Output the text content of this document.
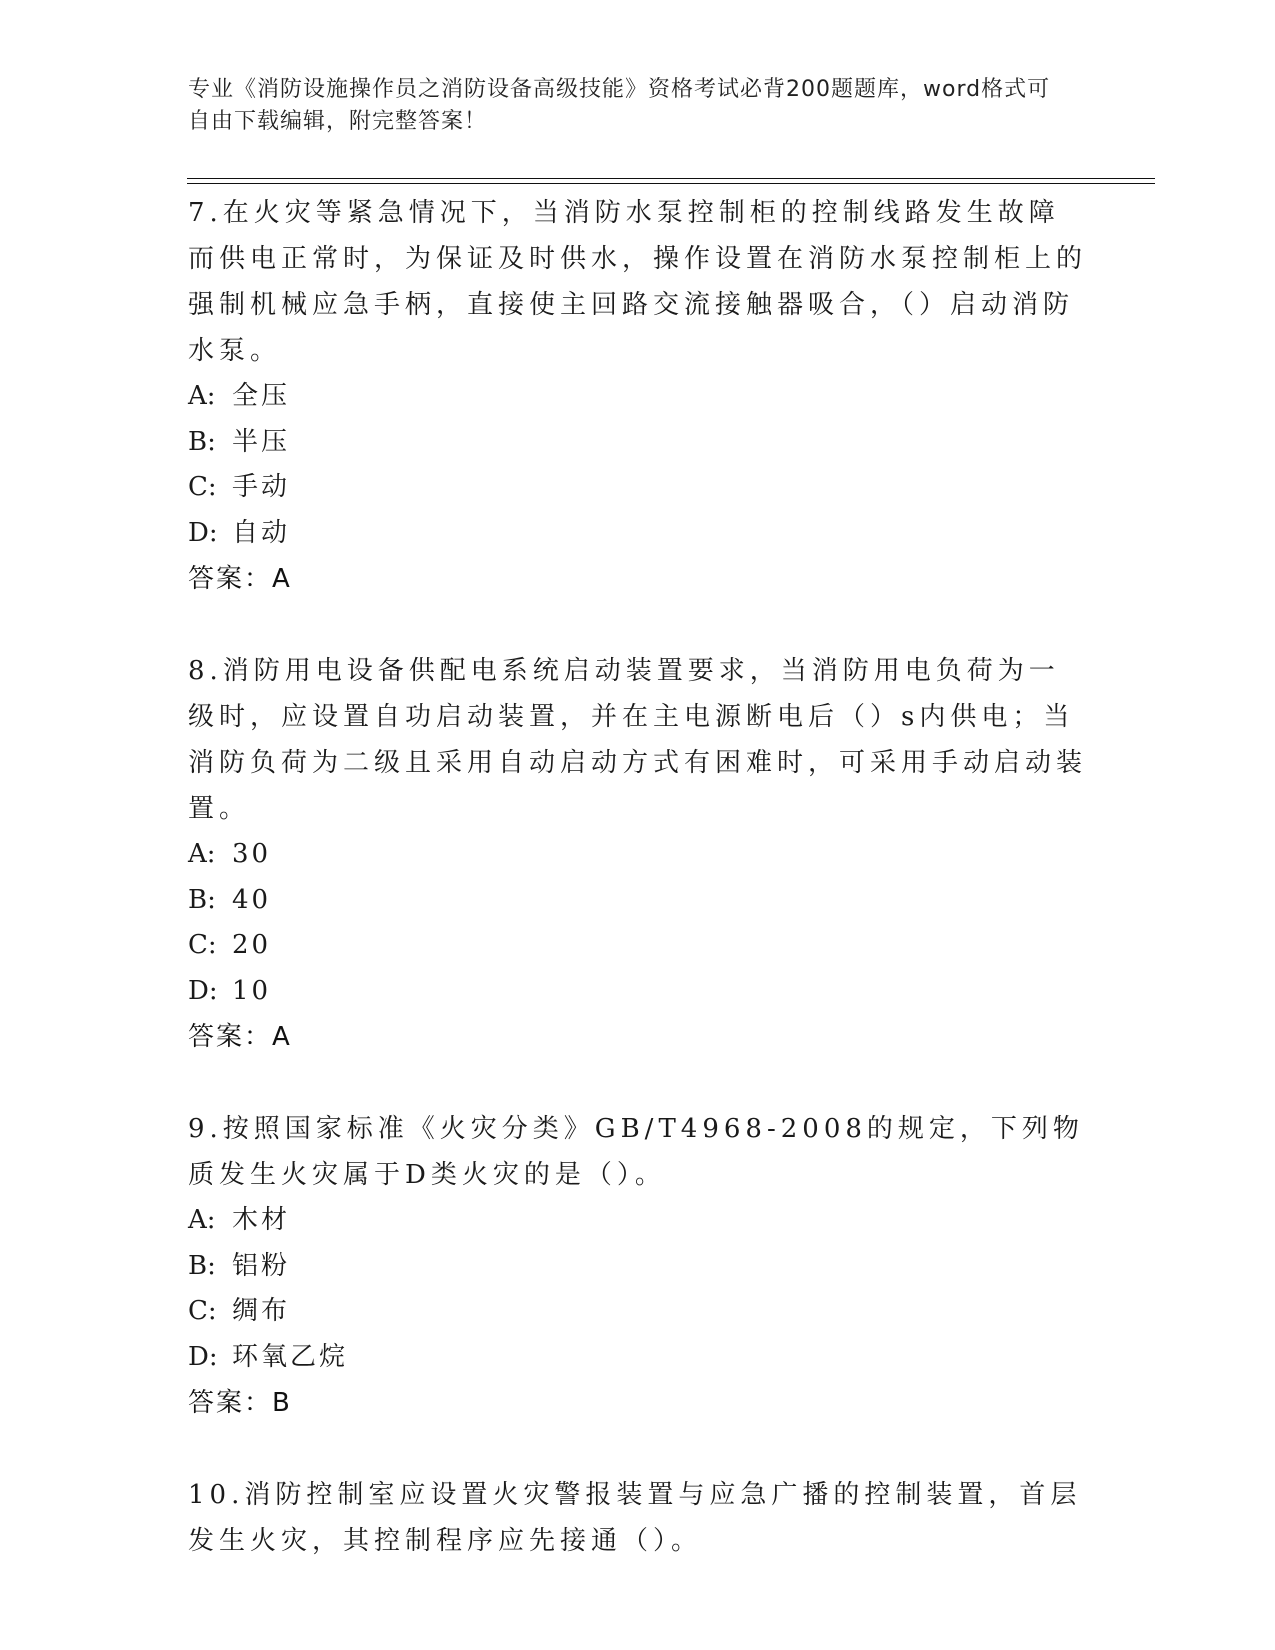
专业《消防设施操作员之消防设备高级技能》资格考试必背200题题库，word格式可自由下载编辑，附完整答案！

7.在火灾等紧急情况下，当消防水泵控制柜的控制线路发生故障而供电正常时，为保证及时供水，操作设置在消防水泵控制柜上的强制机械应急手柄，直接使主回路交流接触器吸合，（）启动消防水泵。

A: 全压

B: 半压

C: 手动

D: 自动

答案：A

8.消防用电设备供配电系统启动装置要求，当消防用电负荷为一级时，应设置自功启动装置，并在主电源断电后（）s内供电；当消防负荷为二级且采用自动启动方式有困难时，可采用手动启动装置。

A: 30

B: 40

C: 20

D: 10

答案：A

9.按照国家标准《火灾分类》GB/T4968-2008的规定，下列物质发生火灾属于D类火灾的是（）。

A: 木材

B: 铝粉

C: 绸布

D: 环氧乙烷

答案：B

10.消防控制室应设置火灾警报装置与应急广播的控制装置，首层发生火灾，其控制程序应先接通（）。
